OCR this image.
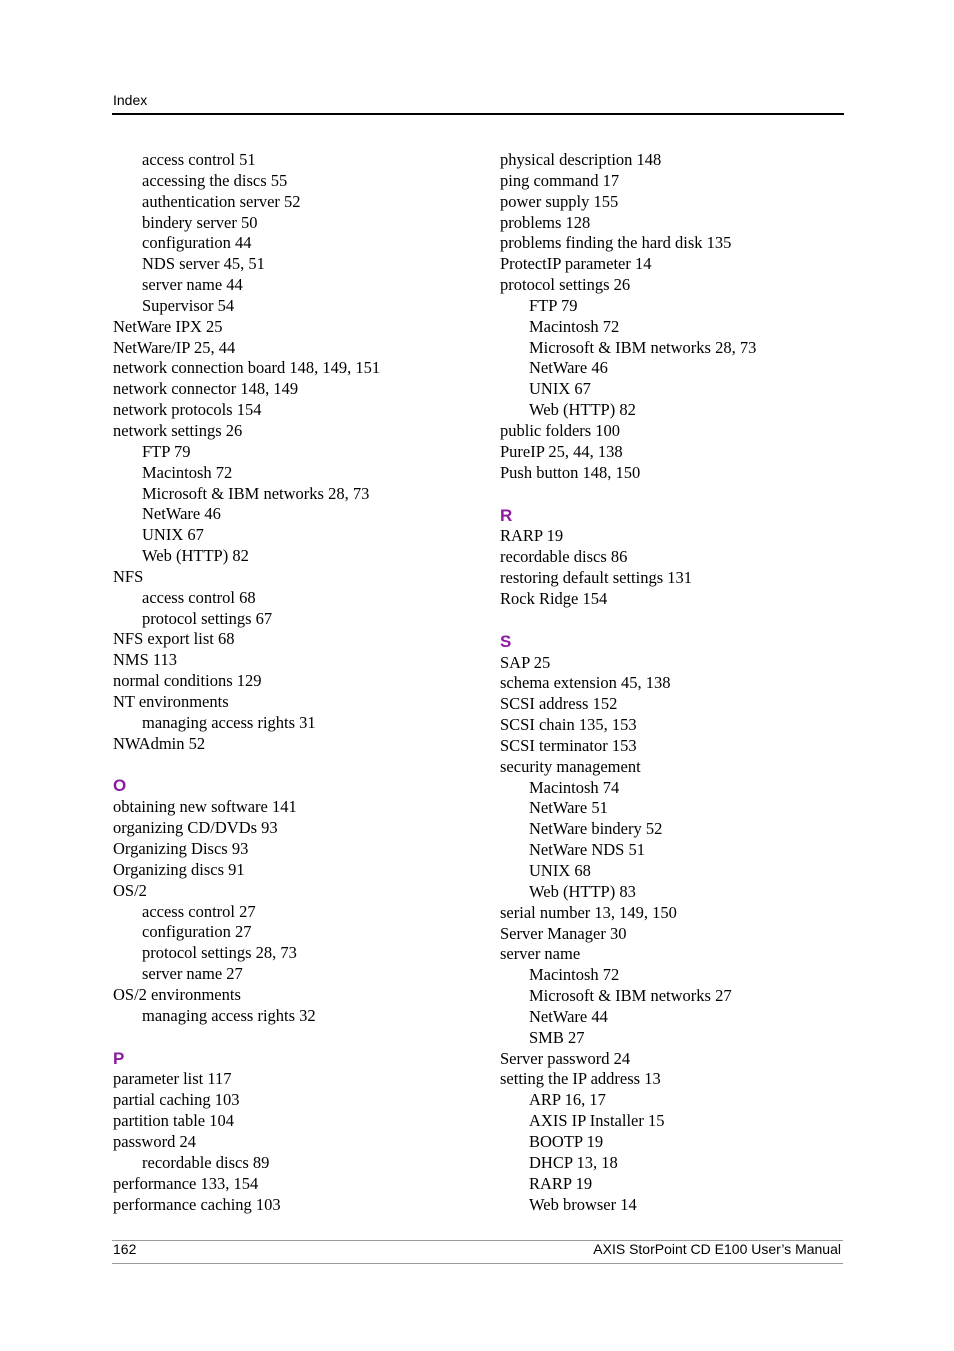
Index
access control 51
accessing the discs 55
authentication server 52
bindery server 50
configuration 44
NDS server 45, 51
server name 44
Supervisor 54
NetWare IPX 25
NetWare/IP 25, 44
network connection board 148, 149, 151
network connector 148, 149
network protocols 154
network settings 26
FTP 79
Macintosh 72
Microsoft & IBM networks 28, 73
NetWare 46
UNIX 67
Web (HTTP) 82
NFS
access control 68
protocol settings 67
NFS export list 68
NMS 113
normal conditions 129
NT environments
managing access rights 31
NWAdmin 52
O
obtaining new software 141
organizing CD/DVDs 93
Organizing Discs 93
Organizing discs 91
OS/2
access control 27
configuration 27
protocol settings 28, 73
server name 27
OS/2 environments
managing access rights 32
P
parameter list 117
partial caching 103
partition table 104
password 24
recordable discs 89
performance 133, 154
performance caching 103
physical description 148
ping command 17
power supply 155
problems 128
problems finding the hard disk 135
ProtectIP parameter 14
protocol settings 26
FTP 79
Macintosh 72
Microsoft & IBM networks 28, 73
NetWare 46
UNIX 67
Web (HTTP) 82
public folders 100
PureIP 25, 44, 138
Push button 148, 150
R
RARP 19
recordable discs 86
restoring default settings 131
Rock Ridge 154
S
SAP 25
schema extension 45, 138
SCSI address 152
SCSI chain 135, 153
SCSI terminator 153
security management
Macintosh 74
NetWare 51
NetWare bindery 52
NetWare NDS 51
UNIX 68
Web (HTTP) 83
serial number 13, 149, 150
Server Manager 30
server name
Macintosh 72
Microsoft & IBM networks 27
NetWare 44
SMB 27
Server password 24
setting the IP address 13
ARP 16, 17
AXIS IP Installer 15
BOOTP 19
DHCP 13, 18
RARP 19
Web browser 14
162	AXIS StorPoint CD E100 User’s Manual
